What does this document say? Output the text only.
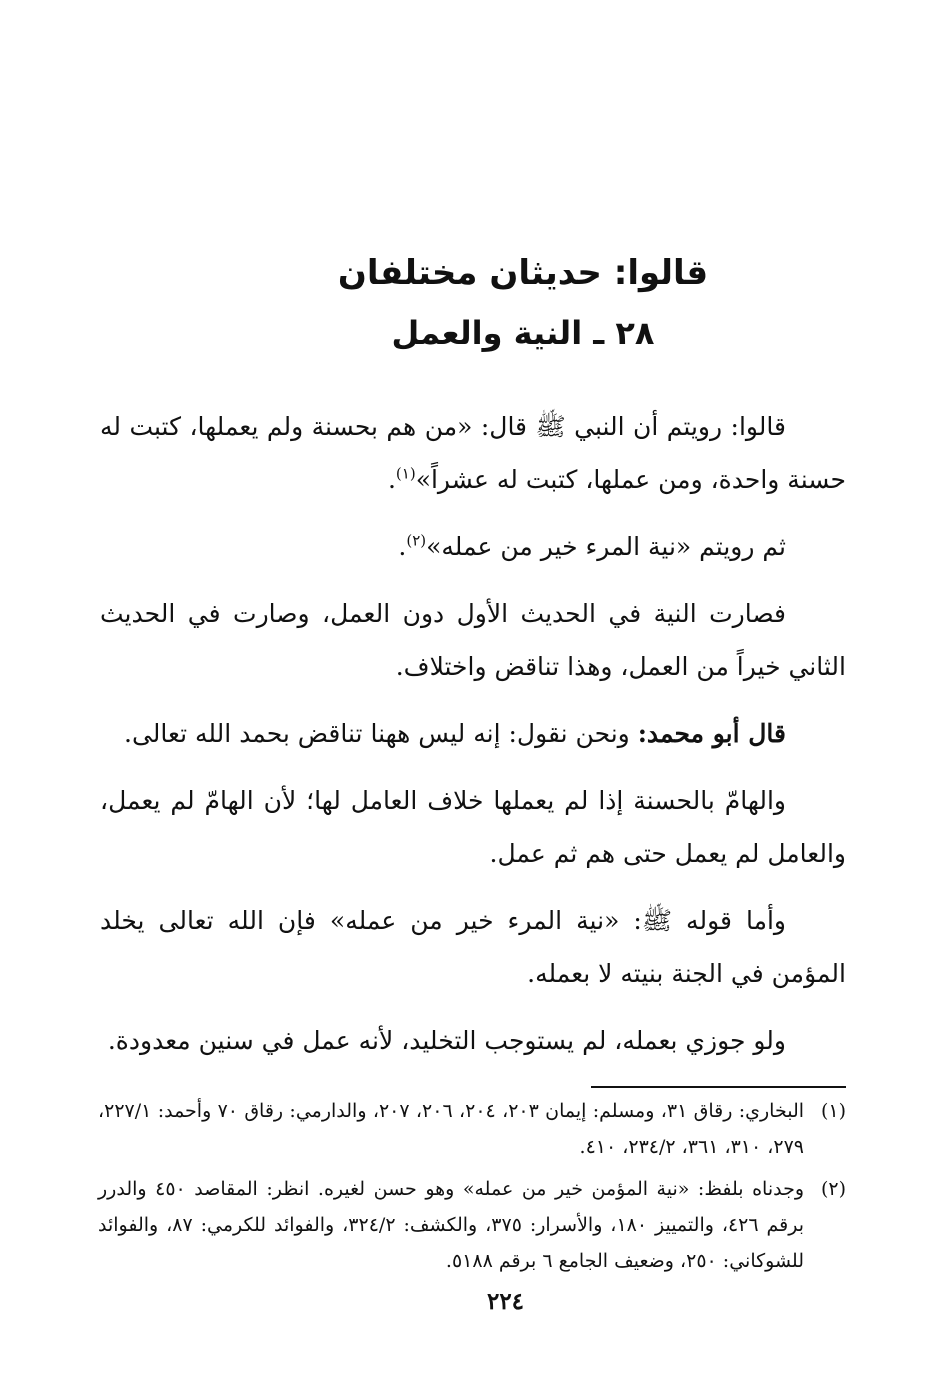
قالوا: حديثان مختلفان
٢٨ ـ النية والعمل

قالوا: رويتم أن النبي ﷺ قال: «من هم بحسنة ولم يعملها، كتبت له حسنة واحدة، ومن عملها، كتبت له عشراً»$^{(١)}$.

ثم رويتم «نية المرء خير من عمله»$^{(٢)}$.

فصارت النية في الحديث الأول دون العمل، وصارت في الحديث الثاني خيراً من العمل، وهذا تناقض واختلاف.

قال أبو محمد: ونحن نقول: إنه ليس ههنا تناقض بحمد الله تعالى.

والهامّ بالحسنة إذا لم يعملها خلاف العامل لها؛ لأن الهامّ لم يعمل، والعامل لم يعمل حتى هم ثم عمل.

وأما قوله ﷺ: «نية المرء خير من عمله» فإن الله تعالى يخلد المؤمن في الجنة بنيته لا بعمله.

ولو جوزي بعمله، لم يستوجب التخليد، لأنه عمل في سنين معدودة.

(١)
البخاري: رقاق ٣١، ومسلم: إيمان ٢٠٣، ٢٠٤، ٢٠٦، ٢٠٧، والدارمي: رقاق ٧٠ وأحمد: ٢٢٧/١، ٢٧٩، ٣١٠، ٣٦١، ٢٣٤/٢، ٤١٠.
(٢)
وجدناه بلفظ: «نية المؤمن خير من عمله» وهو حسن لغيره. انظر: المقاصد ٤٥٠ والدرر برقم ٤٢٦، والتمييز ١٨٠، والأسرار: ٣٧٥، والكشف: ٣٢٤/٢، والفوائد للكرمي: ٨٧، والفوائد للشوكاني: ٢٥٠، وضعيف الجامع ٦ برقم ٥١٨٨.
٢٢٤
